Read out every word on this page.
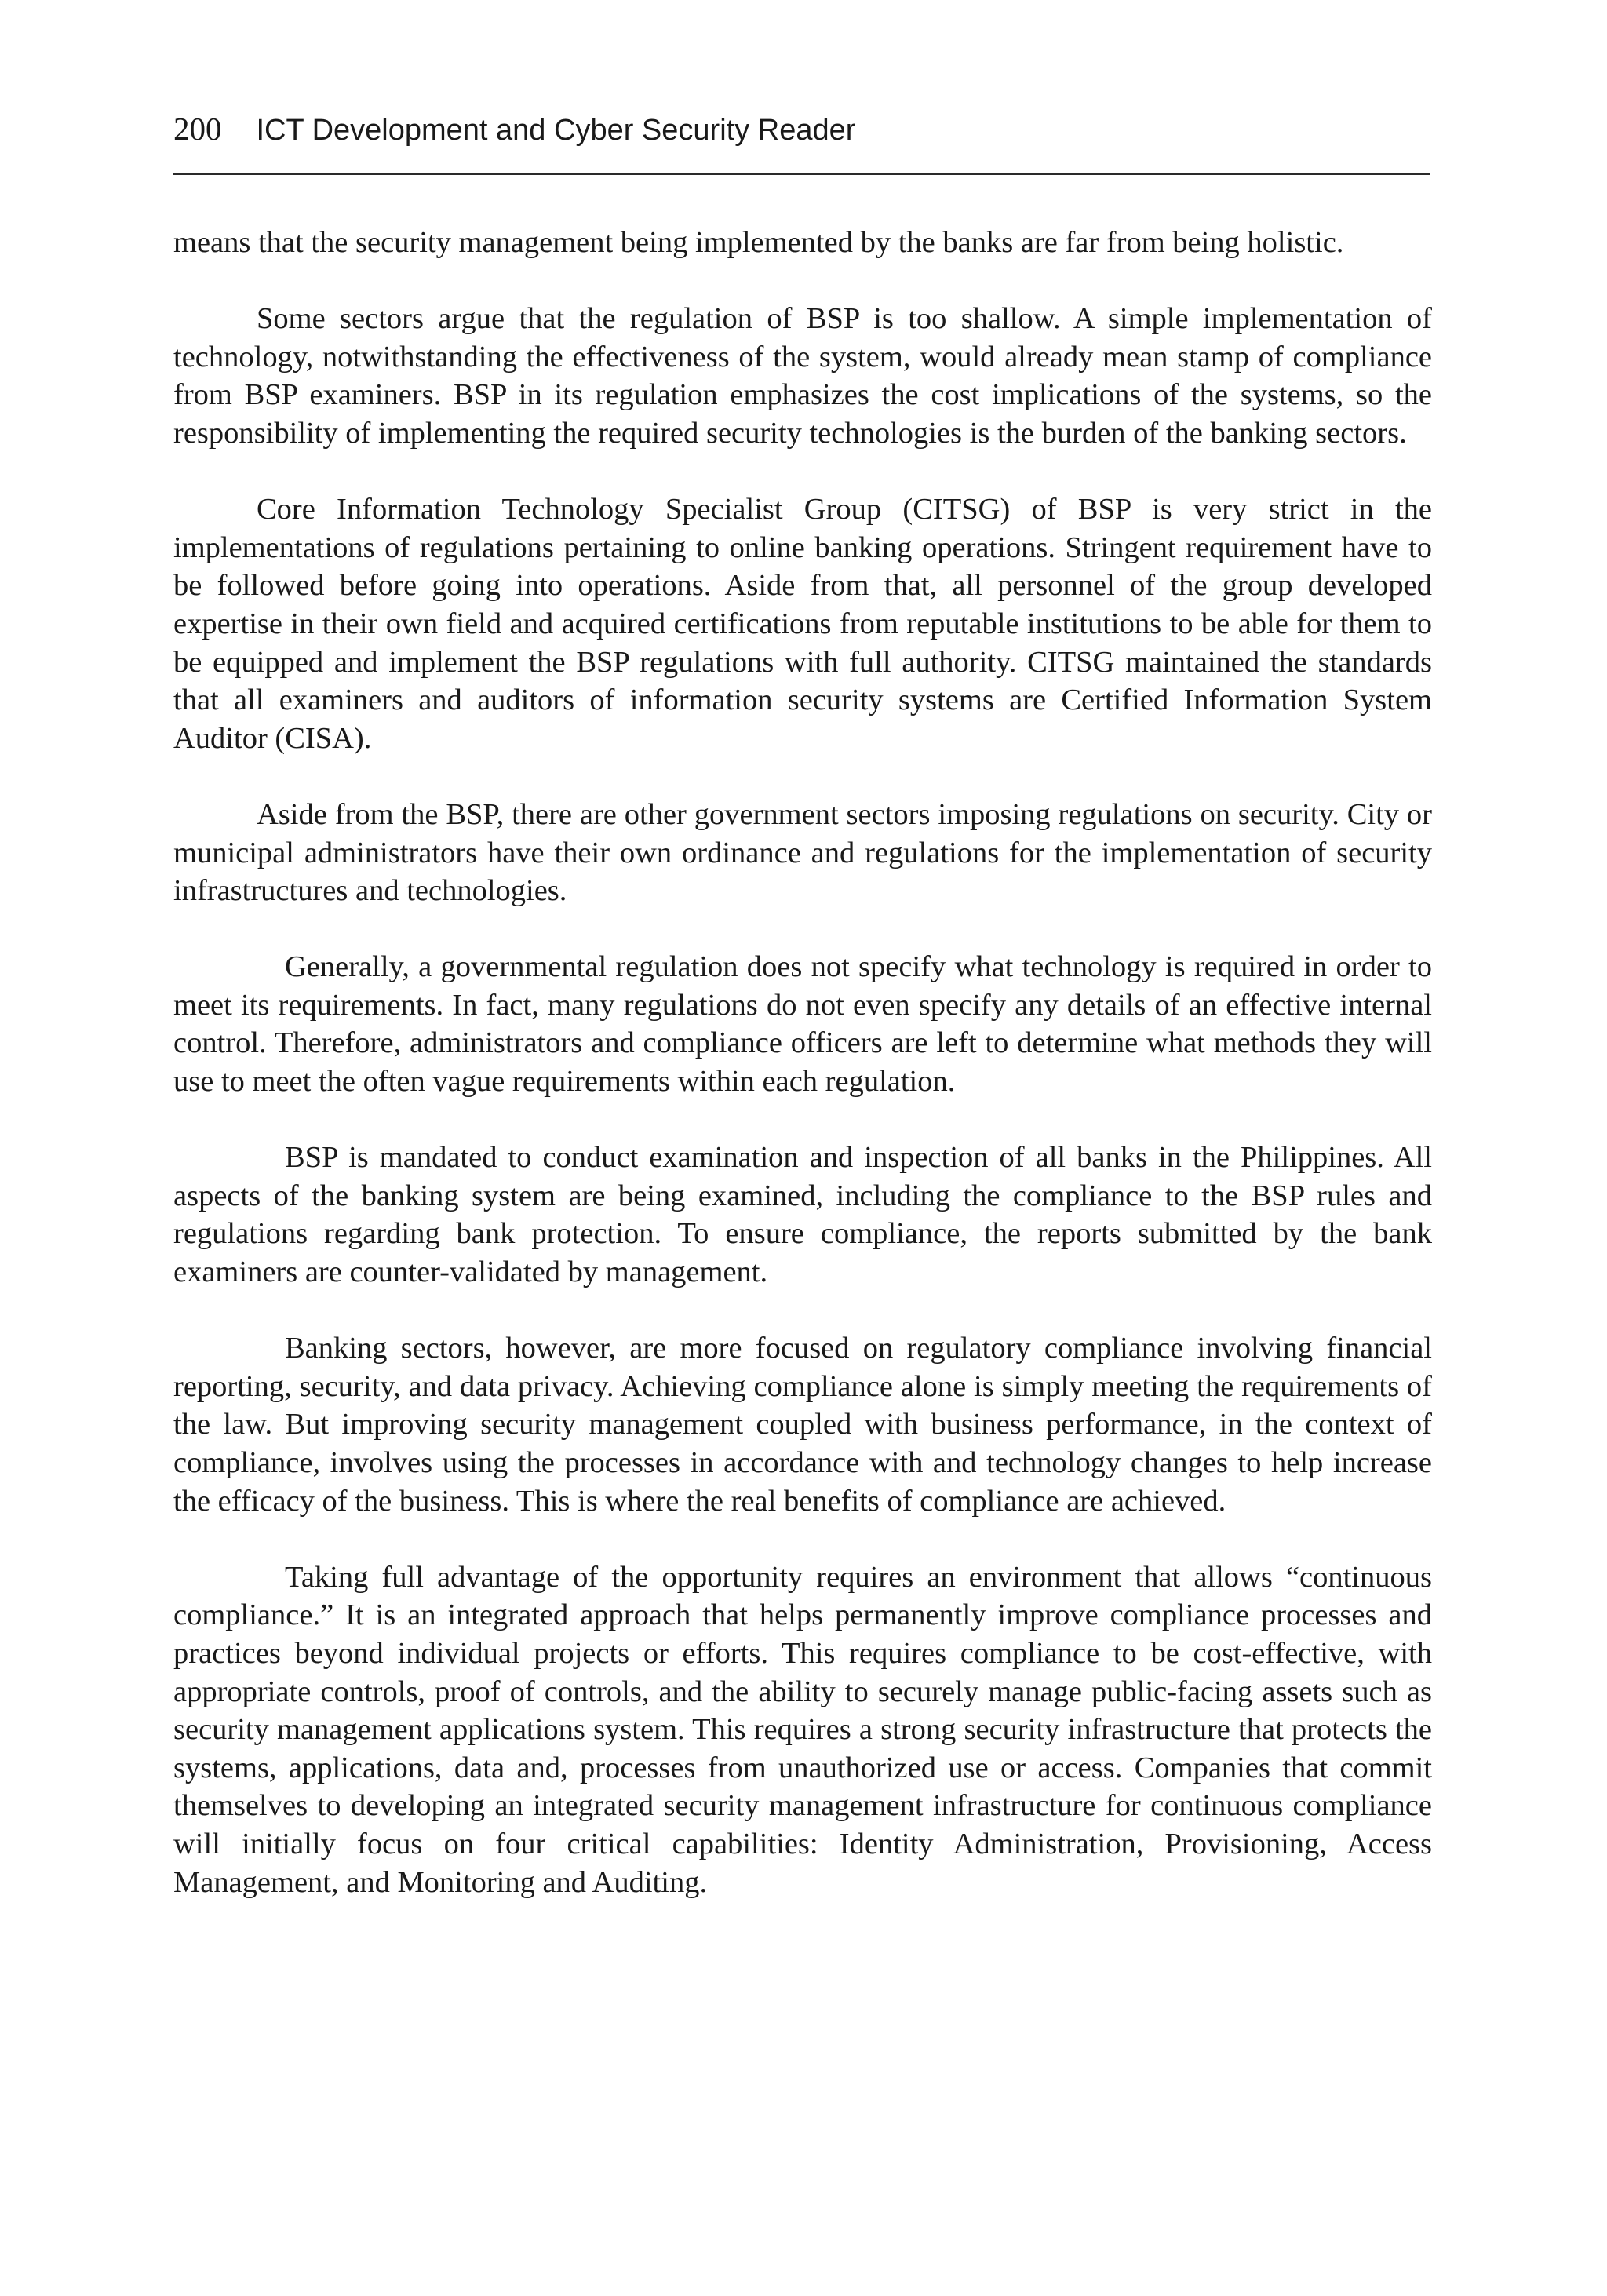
200 ICT Development and Cyber Security Reader

means that the security management being implemented by the banks are far from being holistic.

Some sectors argue that the regulation of BSP is too shallow. A simple implementation of technology, notwithstanding the effectiveness of the system, would already mean stamp of compliance from BSP examiners. BSP in its regulation emphasizes the cost implications of the systems, so the responsibility of implementing the required security technologies is the burden of the banking sectors.

Core Information Technology Specialist Group (CITSG) of BSP is very strict in the implementations of regulations pertaining to online banking operations. Stringent requirement have to be followed before going into operations. Aside from that, all personnel of the group developed expertise in their own field and acquired certifications from reputable institutions to be able for them to be equipped and implement the BSP regulations with full authority. CITSG maintained the standards that all examiners and auditors of information security systems are Certified Information System Auditor (CISA).

Aside from the BSP, there are other government sectors imposing regulations on security. City or municipal administrators have their own ordinance and regulations for the implementation of security infrastructures and technologies.

Generally, a governmental regulation does not specify what technology is required in order to meet its requirements. In fact, many regulations do not even specify any details of an effective internal control. Therefore, administrators and compliance officers are left to determine what methods they will use to meet the often vague requirements within each regulation.

BSP is mandated to conduct examination and inspection of all banks in the Philippines. All aspects of the banking system are being examined, including the compliance to the BSP rules and regulations regarding bank protection. To ensure compliance, the reports submitted by the bank examiners are counter-validated by management.

Banking sectors, however, are more focused on regulatory compliance involving financial reporting, security, and data privacy. Achieving compliance alone is simply meeting the requirements of the law. But improving security management coupled with business performance, in the context of compliance, involves using the processes in accordance with and technology changes to help increase the efficacy of the business. This is where the real benefits of compliance are achieved.

Taking full advantage of the opportunity requires an environment that allows “continuous compliance.” It is an integrated approach that helps permanently improve compliance processes and practices beyond individual projects or efforts. This requires compliance to be cost-effective, with appropriate controls, proof of controls, and the ability to securely manage public-facing assets such as security management applications system. This requires a strong security infrastructure that protects the systems, applications, data and, processes from unauthorized use or access. Companies that commit themselves to developing an integrated security management infrastructure for continuous compliance will initially focus on four critical capabilities: Identity Administration, Provisioning, Access Management, and Monitoring and Auditing.
